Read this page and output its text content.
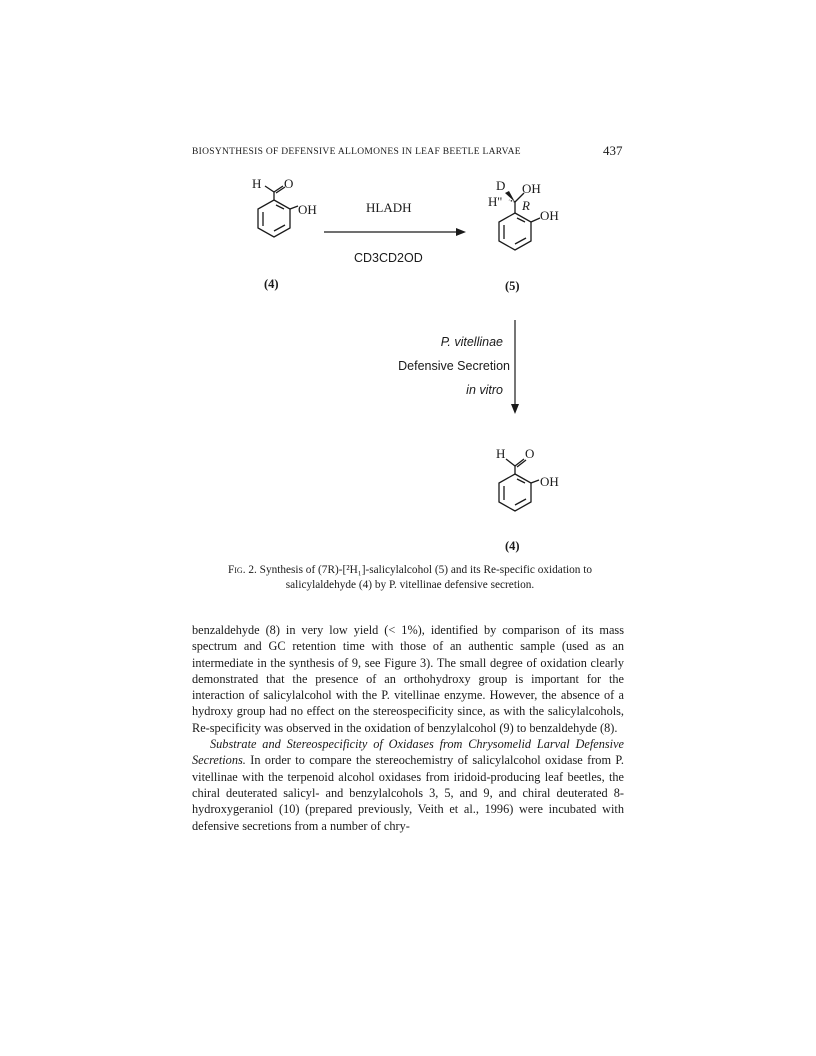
BIOSYNTHESIS OF DEFENSIVE ALLOMONES IN LEAF BEETLE LARVAE	437
H O
OH
(4)
HLADH
CD3CD2OD
D OH
H'' R
OH
(5)
P. vitellinae
Defensive Secretion
in vitro
H O
OH
(4)
Fig. 2. Synthesis of (7R)-[²H₁]-salicylalcohol (5) and its Re-specific oxidation to salicylaldehyde (4) by P. vitellinae defensive secretion.

benzaldehyde (8) in very low yield (< 1%), identified by comparison of its mass spectrum and GC retention time with those of an authentic sample (used as an intermediate in the synthesis of 9, see Figure 3). The small degree of oxidation clearly demonstrated that the presence of an orthohydroxy group is important for the interaction of salicylalcohol with the P. vitellinae enzyme. However, the absence of a hydroxy group had no effect on the stereospecificity since, as with the salicylalcohols, Re-specificity was observed in the oxidation of benzylalcohol (9) to benzaldehyde (8).

Substrate and Stereospecificity of Oxidases from Chrysomelid Larval Defensive Secretions. In order to compare the stereochemistry of salicylalcohol oxidase from P. vitellinae with the terpenoid alcohol oxidases from iridoid-producing leaf beetles, the chiral deuterated salicyl- and benzylalcohols 3, 5, and 9, and chiral deuterated 8-hydroxygeraniol (10) (prepared previously, Veith et al., 1996) were incubated with defensive secretions from a number of chry-
